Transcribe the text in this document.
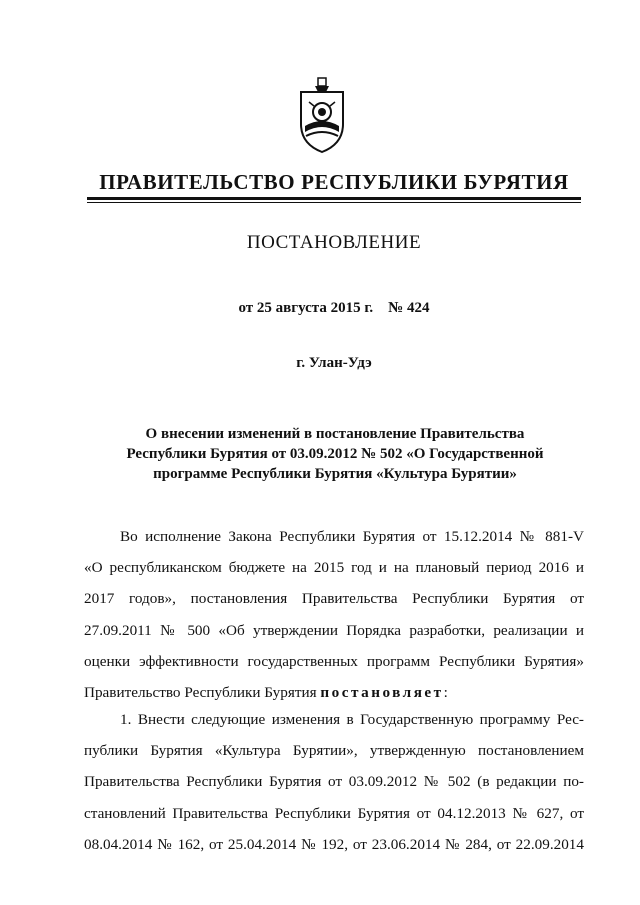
ПРАВИТЕЛЬСТВО РЕСПУБЛИКИ БУРЯТИЯ
ПОСТАНОВЛЕНИЕ
от 25 августа 2015 г.    № 424
г. Улан-Удэ
О внесении изменений в постановление Правительства
Республики Бурятия от 03.09.2012 № 502 «О Государственной
программе Республики Бурятия «Культура Бурятии»
Во исполнение Закона Республики Бурятия от 15.12.2014 № 881-V
«О республиканском бюджете на 2015 год и на плановый период 2016 и
2017 годов», постановления Правительства Республики Бурятия от
27.09.2011 № 500 «Об утверждении Порядка разработки, реализации и
оценки эффективности государственных программ Республики Бурятия»
Правительство Республики Бурятия постановляет:
1. Внести следующие изменения в Государственную программу Рес-
публики Бурятия «Культура Бурятии», утвержденную постановлением
Правительства Республики Бурятия от 03.09.2012 № 502 (в редакции по-
становлений Правительства Республики Бурятия от 04.12.2013 № 627, от
08.04.2014 № 162, от 25.04.2014 № 192, от 23.06.2014 № 284, от 22.09.2014
